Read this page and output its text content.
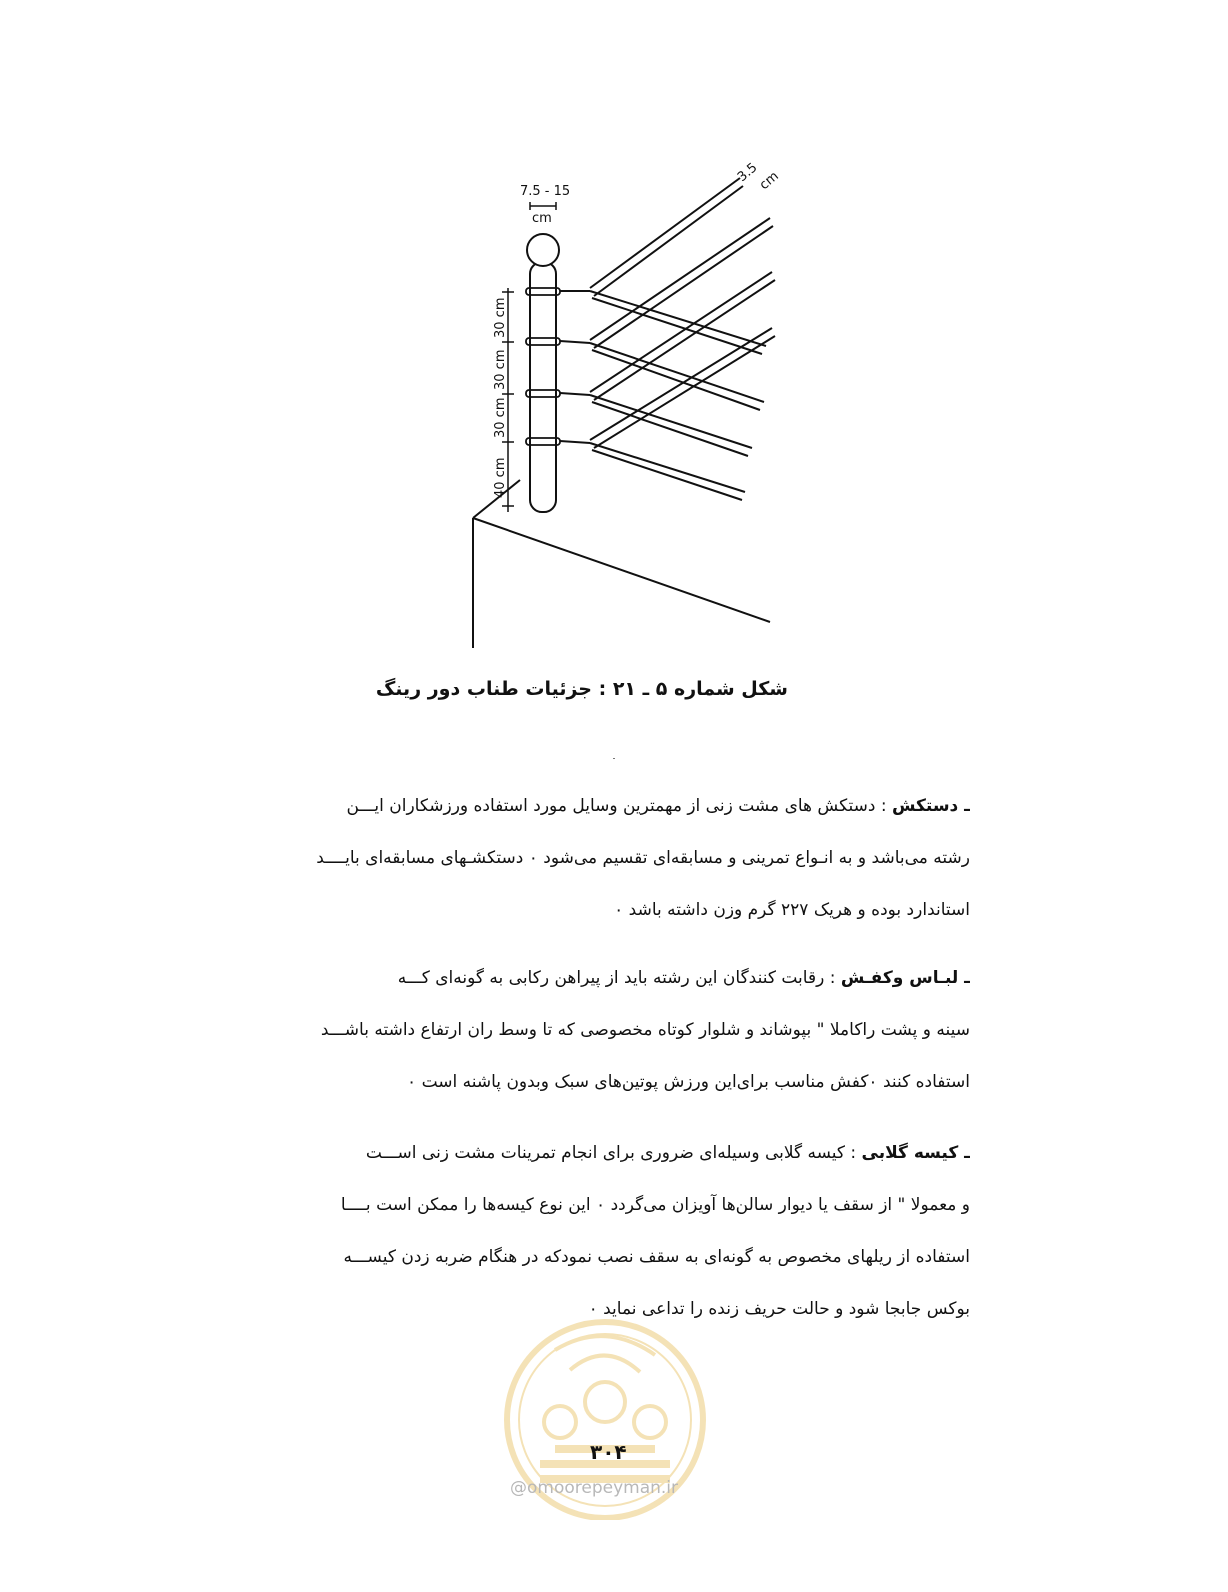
7.5 - 15
cm
3.5
cm
30 cm
30 cm
30 cm
40 cm
شکل شماره ۵ ـ ۲۱ : جزئیات طناب دور رینگ
ـ دستکش : دستکش های مشت زنی از مهمترین وسایل مورد استفاده ورزشکاران ایـــن
رشته می‌باشد و به انـواع تمرینی و مسابقه‌ای تقسیم می‌شود ۰ دستکشـهای مسابقه‌ای بایــــد
استاندارد بوده و هریک ۲۲۷ گرم وزن داشته باشد ۰
ـ لبـاس وکفـش : رقابت کنندگان این رشته باید از پیراهن رکابی به گونه‌ای کـــه
سینه و پشت راکاملا " بپوشاند و شلوار کوتاه مخصوصی که تا وسط ران ارتفاع داشته باشـــد
استفاده کنند ۰کفش مناسب برای‌این ورزش پوتین‌های سبک وبدون پاشنه است ۰
ـ کیسه گلابی : کیسه گلابی وسیله‌ای ضروری برای انجام تمرینات مشت زنی اســـت
و معمولا " از سقف یا دیوار سالن‌ها آویزان می‌گردد ۰ این نوع کیسه‌ها را ممکن است بــــا
استفاده از ریلهای مخصوص به گونه‌ای به سقف نصب نمودکه در هنگام ضربه زدن کیســـه
بوکس جابجا شود و حالت حریف زنده را تداعی نماید ۰
۳۰۴
@omoorepeyman.ir
